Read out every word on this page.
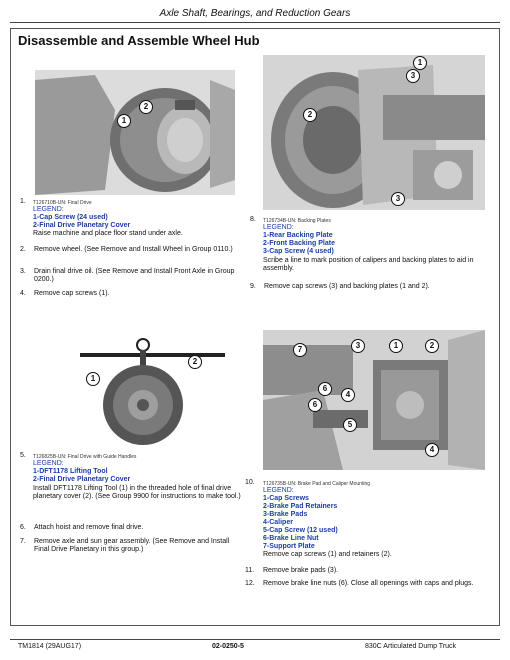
Axle Shaft, Bearings, and Reduction Gears
Disassemble and Assemble Wheel Hub
1
2
T126710B-UN: Final Drive
LEGEND:
1-Cap Screw (24 used)
2-Final Drive Planetary Cover
1.
Raise machine and place floor stand under axle.
2. Remove wheel. (See Remove and Install Wheel in Group 0110.)
3. Drain final drive oil. (See Remove and Install Front Axle in Group 0200.)
4. Remove cap screws (1).
1
3
2
3
8. T126734B-UN: Backing Plates
LEGEND:
1-Rear Backing Plate
2-Front Backing Plate
3-Cap Screw (4 used)
Scribe a line to mark position of calipers and backing plates to aid in assembly.
9. Remove cap screws (3) and backing plates (1 and 2).
1
2
5. T126825B-UN: Final Drive with Guide Handles
LEGEND:
1-DFT1178 Lifting Tool
2-Final Drive Planetary Cover
Install DFT1178 Lifting Tool (1) in the threaded hole of final drive planetary cover (2). (See Group 9900 for instructions to make tool.)
6. Attach hoist and remove final drive.
7. Remove axle and sun gear assembly. (See Remove and Install Final Drive Planetary in this group.)
7	3	1	2
6
4
6
5
4
10. T126735B-UN: Brake Pad and Caliper Mounting
LEGEND:
1-Cap Screws
2-Brake Pad Retainers
3-Brake Pads
4-Caliper
5-Cap Screw (12 used)
6-Brake Line Nut
7-Support Plate
Remove cap screws (1) and retainers (2).
11. Remove brake pads (3).
12. Remove brake line nuts (6). Close all openings with caps and plugs.
TM1814 (29AUG17)	02-0250-5	830C Articulated Dump Truck
